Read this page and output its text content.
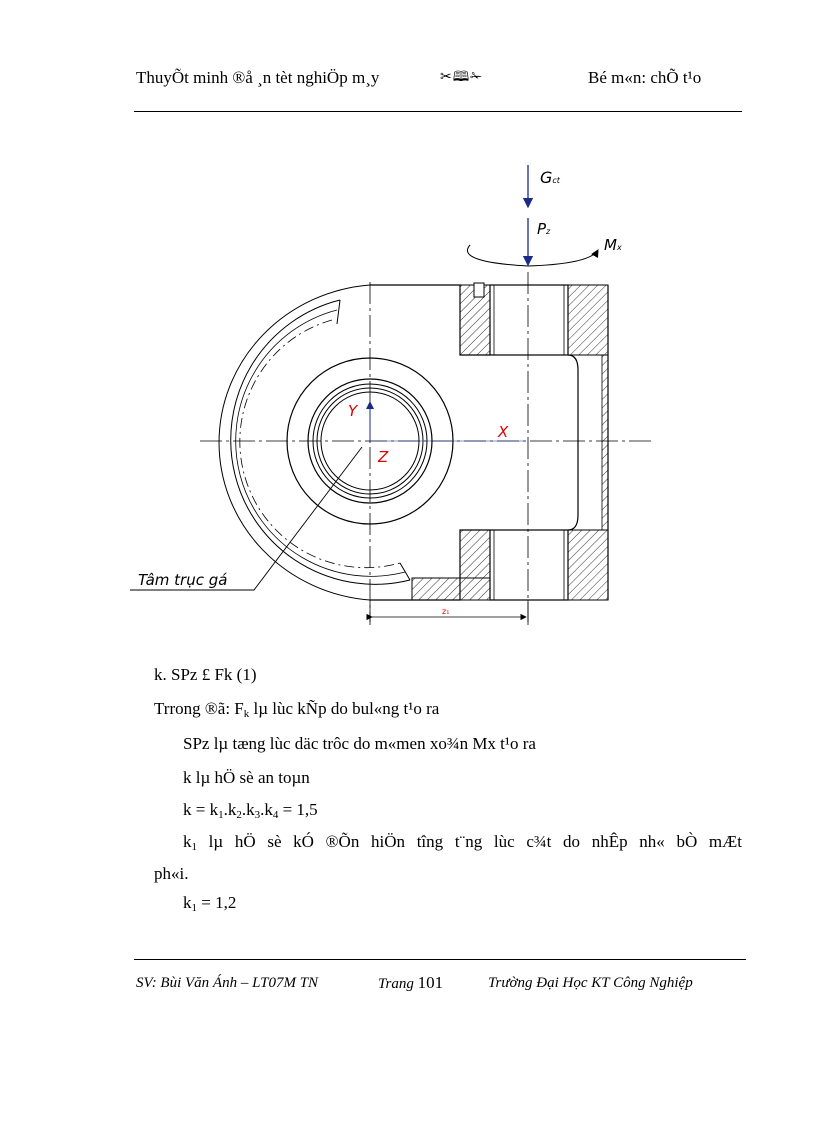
ThuyÕt minh ®å ¸n tèt nghiÖp m¸y	✂🕮✁	Bé m«n: chÕ t¹o
Gct
Pz
Mx
Y
X
Z
Tâm trục gá
z₁
k. SPz £ Fk (1)
Trrong ®ã: $F_k$ lµ lùc kÑp do bul«ng t¹o ra
SPz lµ tæng lùc däc trôc do m«men xo¾n Mx t¹o ra
k lµ hÖ sè an toµn
$k = k_1.k_2.k_3.k_4 = 1,5$
$k_1$ lµ hÖ sè kÓ ®Õn hiÖn tîng t¨ng lùc c¾t do nhÊp nh« bÒ mÆt
ph«i.
$k_1 = 1,2$
SV: Bùi Văn Ánh – LT07M TN	Trang 101	Trường Đại Học KT Công Nghiệp
